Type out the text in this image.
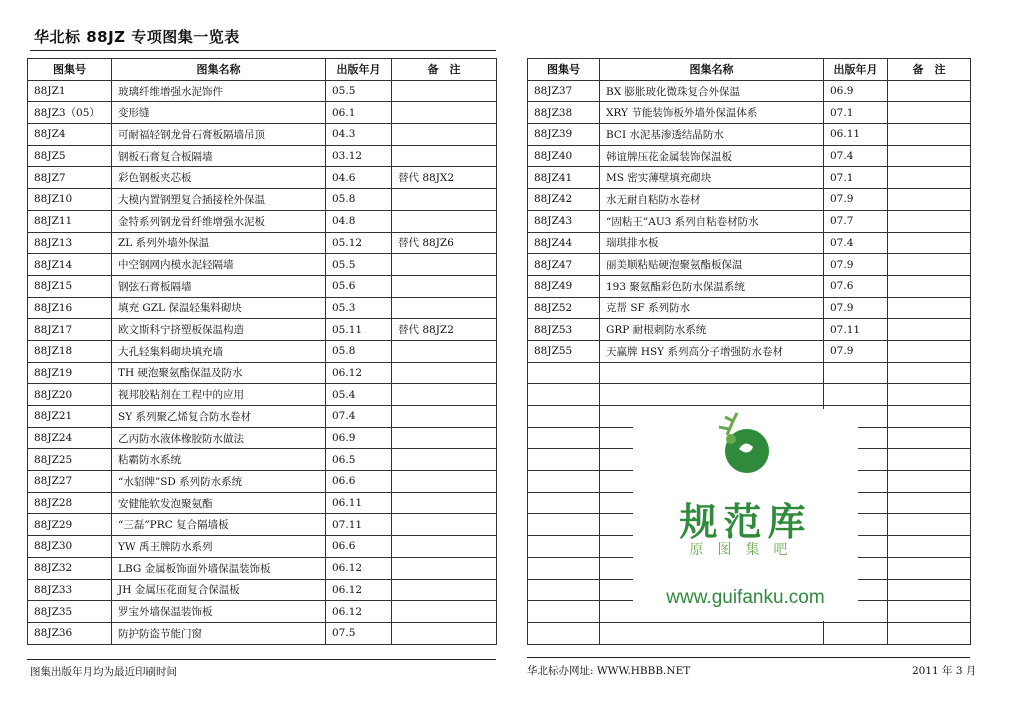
华北标 88JZ 专项图集一览表
图集号	图集名称	出版年月	备　注
88JZ1	玻璃纤维增强水泥饰件	05.5	
88JZ3（05）	变形缝	06.1	
88JZ4	可耐福轻钢龙骨石膏板隔墙吊顶	04.3	
88JZ5	钢板石膏复合板隔墙	03.12	
88JZ7	彩色钢板夹芯板	04.6	替代 88JX2
88JZ10	大模内置钢塑复合插接栓外保温	05.8	
88JZ11	金特系列钢龙骨纤维增强水泥板	04.8	
88JZ13	ZL 系列外墙外保温	05.12	替代 88JZ6
88JZ14	中空钢网内模水泥轻隔墙	05.5	
88JZ15	钢弦石膏板隔墙	05.6	
88JZ16	填充 GZL 保温轻集料砌块	05.3	
88JZ17	欧文斯科宁挤塑板保温构造	05.11	替代 88JZ2
88JZ18	大孔轻集料砌块填充墙	05.8	
88JZ19	TH 硬泡聚氨酯保温及防水	06.12	
88JZ20	视邦胶粘剂在工程中的应用	05.4	
88JZ21	SY 系列聚乙烯复合防水卷材	07.4	
88JZ24	乙丙防水液体橡胶防水做法	06.9	
88JZ25	粘霸防水系统	06.5	
88JZ27	“水貂牌”SD 系列防水系统	06.6	
88JZ28	安健能软发泡聚氨酯	06.11	
88JZ29	“三磊”PRC 复合隔墙板	07.11	
88JZ30	YW 禹王牌防水系列	06.6	
88JZ32	LBG 金属板饰面外墙保温装饰板	06.12	
88JZ33	JH 金属压花面复合保温板	06.12	
88JZ35	罗宝外墙保温装饰板	06.12	
88JZ36	防护防盗节能门窗	07.5	
图集号	图集名称	出版年月	备　注
88JZ37	BX 膨胀玻化微珠复合外保温	06.9	
88JZ38	XRY 节能装饰板外墙外保温体系	07.1	
88JZ39	BCI 水泥基渗透结晶防水	06.11	
88JZ40	韩谊牌压花金属装饰保温板	07.4	
88JZ41	MS 密实薄壁填充砌块	07.1	
88JZ42	水无耐自粘防水卷材	07.9	
88JZ43	“固粘王”AU3 系列自粘卷材防水	07.7	
88JZ44	瑞琪排水板	07.4	
88JZ47	丽美顺粘贴硬泡聚氨酯板保温	07.9	
88JZ49	193 聚氨酯彩色防水保温系统	07.6	
88JZ52	克帮 SF 系列防水	07.9	
88JZ53	GRP 耐根刺防水系统	07.11	
88JZ55	天赢牌 HSY 系列高分子增强防水卷材	07.9	

图集出版年月均为最近印刷时间	华北标办网址: WWW.HBBB.NET	2011 年 3 月
规范库
原图集吧
www.guifanku.com
